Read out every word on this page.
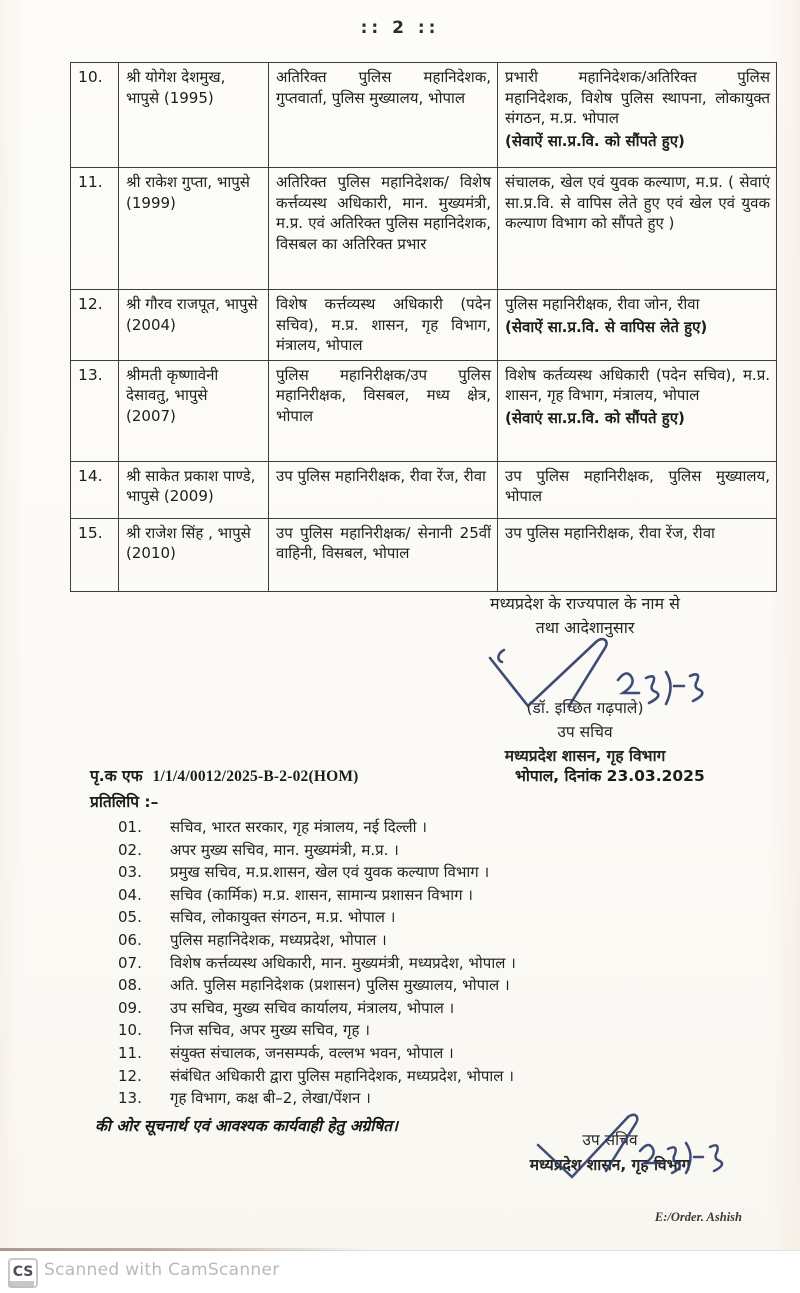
:: 2 ::
10.	श्री योगेश देशमुख, भापुसे (1995)	अतिरिक्त पुलिस महानिदेशक, गुप्तवार्ता, पुलिस मुख्यालय, भोपाल	प्रभारी महानिदेशक/अतिरिक्त पुलिस महानिदेशक, विशेष पुलिस स्थापना, लोकायुक्त संगठन, म.प्र. भोपाल
(सेवाऐं सा.प्र.वि. को सौंपते हुए)

11.	श्री राकेश गुप्ता, भापुसे (1999)	अतिरिक्त पुलिस महानिदेशक/ विशेष कर्त्तव्यस्थ अधिकारी, मान. मुख्यमंत्री, म.प्र. एवं अतिरिक्त पुलिस महानिदेशक, विसबल का अतिरिक्त प्रभार	संचालक, खेल एवं युवक कल्याण, म.प्र. ( सेवाएं सा.प्र.वि. से वापिस लेते हुए एवं खेल एवं युवक कल्याण विभाग को सौंपते हुए )

12.	श्री गौरव राजपूत, भापुसे (2004)	विशेष कर्त्तव्यस्थ अधिकारी (पदेन सचिव), म.प्र. शासन, गृह विभाग, मंत्रालय, भोपाल	पुलिस महानिरीक्षक, रीवा जोन, रीवा
(सेवाऐं सा.प्र.वि. से वापिस लेते हुए)

13.	श्रीमती कृष्णावेनी देसावतु, भापुसे (2007)	पुलिस महानिरीक्षक/उप पुलिस महानिरीक्षक, विसबल, मध्य क्षेत्र, भोपाल	विशेष कर्तव्यस्थ अधिकारी (पदेन सचिव), म.प्र. शासन, गृह विभाग, मंत्रालय, भोपाल
(सेवाएं सा.प्र.वि. को सौंपते हुए)

14.	श्री साकेत प्रकाश पाण्डे, भापुसे (2009)	उप पुलिस महानिरीक्षक, रीवा रेंज, रीवा	उप पुलिस महानिरीक्षक, पुलिस मुख्यालय, भोपाल

15.	श्री राजेश सिंह , भापुसे (2010)	उप पुलिस महानिरीक्षक/ सेनानी 25वीं वाहिनी, विसबल, भोपाल	उप पुलिस महानिरीक्षक, रीवा रेंज, रीवा
मध्यप्रदेश के राज्यपाल के नाम से
तथा आदेशानुसार
(डॉ. इच्छित गढ़पाले)
उप सचिव
मध्यप्रदेश शासन, गृह विभाग
पृ.क एफ 1/1/4/0012/2025-B-2-02(HOM)	भोपाल, दिनांक 23.03.2025
प्रतिलिपि :–
01.	सचिव, भारत सरकार, गृह मंत्रालय, नई दिल्ली ।
02.	अपर मुख्य सचिव, मान. मुख्यमंत्री, म.प्र. ।
03.	प्रमुख सचिव, म.प्र.शासन, खेल एवं युवक कल्याण विभाग ।
04.	सचिव (कार्मिक) म.प्र. शासन, सामान्य प्रशासन विभाग ।
05.	सचिव, लोकायुक्त संगठन, म.प्र. भोपाल ।
06.	पुलिस महानिदेशक, मध्यप्रदेश, भोपाल ।
07.	विशेष कर्त्तव्यस्थ अधिकारी, मान. मुख्यमंत्री, मध्यप्रदेश, भोपाल ।
08.	अति. पुलिस महानिदेशक (प्रशासन) पुलिस मुख्यालय, भोपाल ।
09.	उप सचिव, मुख्य सचिव कार्यालय, मंत्रालय, भोपाल ।
10.	निज सचिव, अपर मुख्य सचिव, गृह ।
11.	संयुक्त संचालक, जनसम्पर्क, वल्लभ भवन, भोपाल ।
12.	संबंधित अधिकारी द्वारा पुलिस महानिदेशक, मध्यप्रदेश, भोपाल ।
13.	गृह विभाग, कक्ष बी–2, लेखा/पेंशन ।
की ओर सूचनार्थ एवं आवश्यक कार्यवाही हेतु अग्रेषित।
उप सचिव
मध्यप्रदेश शासन, गृह विभाग
E:/Order. Ashish
CS Scanned with CamScanner
